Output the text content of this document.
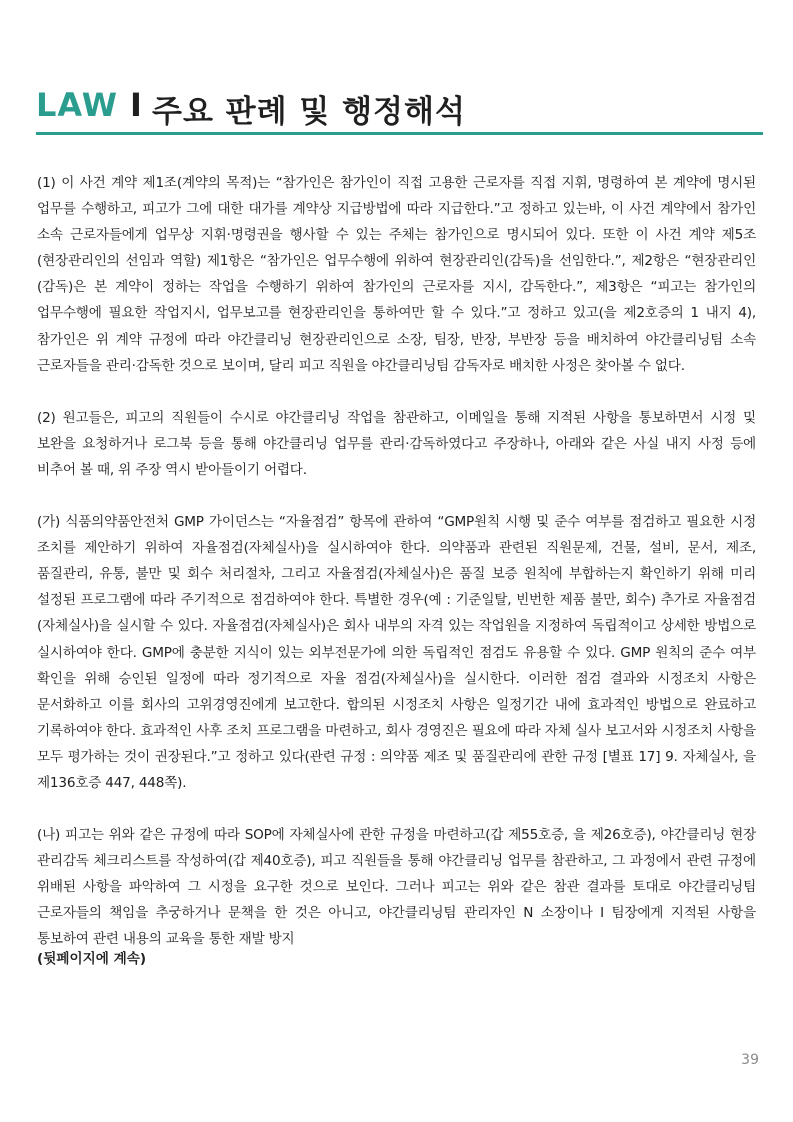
LAW I 주요 판례 및 행정해석

(1) 이 사건 계약 제1조(계약의 목적)는 “참가인은 참가인이 직접 고용한 근로자를 직접 지휘, 명령하여 본 계약에 명시된 업무를 수행하고, 피고가 그에 대한 대가를 계약상 지급방법에 따라 지급한다.”고 정하고 있는바, 이 사건 계약에서 참가인 소속 근로자들에게 업무상 지휘·명령권을 행사할 수 있는 주체는 참가인으로 명시되어 있다. 또한 이 사건 계약 제5조(현장관리인의 선임과 역할) 제1항은 “참가인은 업무수행에 위하여 현장관리인(감독)을 선임한다.”, 제2항은 “현장관리인(감독)은 본 계약이 정하는 작업을 수행하기 위하여 참가인의 근로자를 지시, 감독한다.”, 제3항은 “피고는 참가인의 업무수행에 필요한 작업지시, 업무보고를 현장관리인을 통하여만 할 수 있다.”고 정하고 있고(을 제2호증의 1 내지 4), 참가인은 위 계약 규정에 따라 야간클리닝 현장관리인으로 소장, 팀장, 반장, 부반장 등을 배치하여 야간클리닝팀 소속 근로자들을 관리·감독한 것으로 보이며, 달리 피고 직원을 야간클리닝팀 감독자로 배치한 사정은 찾아볼 수 없다.

(2) 원고들은, 피고의 직원들이 수시로 야간클리닝 작업을 참관하고, 이메일을 통해 지적된 사항을 통보하면서 시정 및 보완을 요청하거나 로그북 등을 통해 야간클리닝 업무를 관리·감독하였다고 주장하나, 아래와 같은 사실 내지 사정 등에 비추어 볼 때, 위 주장 역시 받아들이기 어렵다.

(가) 식품의약품안전처 GMP 가이던스는 “자율점검” 항목에 관하여 “GMP원칙 시행 및 준수 여부를 점검하고 필요한 시정 조치를 제안하기 위하여 자율점검(자체실사)을 실시하여야 한다. 의약품과 관련된 직원문제, 건물, 설비, 문서, 제조, 품질관리, 유통, 불만 및 회수 처리절차, 그리고 자율점검(자체실사)은 품질 보증 원칙에 부합하는지 확인하기 위해 미리 설정된 프로그램에 따라 주기적으로 점검하여야 한다. 특별한 경우(예 : 기준일탈, 빈번한 제품 불만, 회수) 추가로 자율점검(자체실사)을 실시할 수 있다. 자율점검(자체실사)은 회사 내부의 자격 있는 작업원을 지정하여 독립적이고 상세한 방법으로 실시하여야 한다. GMP에 충분한 지식이 있는 외부전문가에 의한 독립적인 점검도 유용할 수 있다. GMP 원칙의 준수 여부 확인을 위해 승인된 일정에 따라 정기적으로 자율 점검(자체실사)을 실시한다. 이러한 점검 결과와 시정조치 사항은 문서화하고 이를 회사의 고위경영진에게 보고한다. 합의된 시정조치 사항은 일정기간 내에 효과적인 방법으로 완료하고 기록하여야 한다. 효과적인 사후 조치 프로그램을 마련하고, 회사 경영진은 필요에 따라 자체 실사 보고서와 시정조치 사항을 모두 평가하는 것이 권장된다.”고 정하고 있다(관련 규정 : 의약품 제조 및 품질관리에 관한 규정 [별표 17] 9. 자체실사, 을 제136호증 447, 448쪽).

(나) 피고는 위와 같은 규정에 따라 SOP에 자체실사에 관한 규정을 마련하고(갑 제55호증, 을 제26호증), 야간클리닝 현장 관리감독 체크리스트를 작성하여(갑 제40호증), 피고 직원들을 통해 야간클리닝 업무를 참관하고, 그 과정에서 관련 규정에 위배된 사항을 파악하여 그 시정을 요구한 것으로 보인다. 그러나 피고는 위와 같은 참관 결과를 토대로 야간클리닝팀 근로자들의 책임을 추궁하거나 문책을 한 것은 아니고, 야간클리닝팀 관리자인 N 소장이나 I 팀장에게 지적된 사항을 통보하여 관련 내용의 교육을 통한 재발 방지

(뒷페이지에 계속)

39
